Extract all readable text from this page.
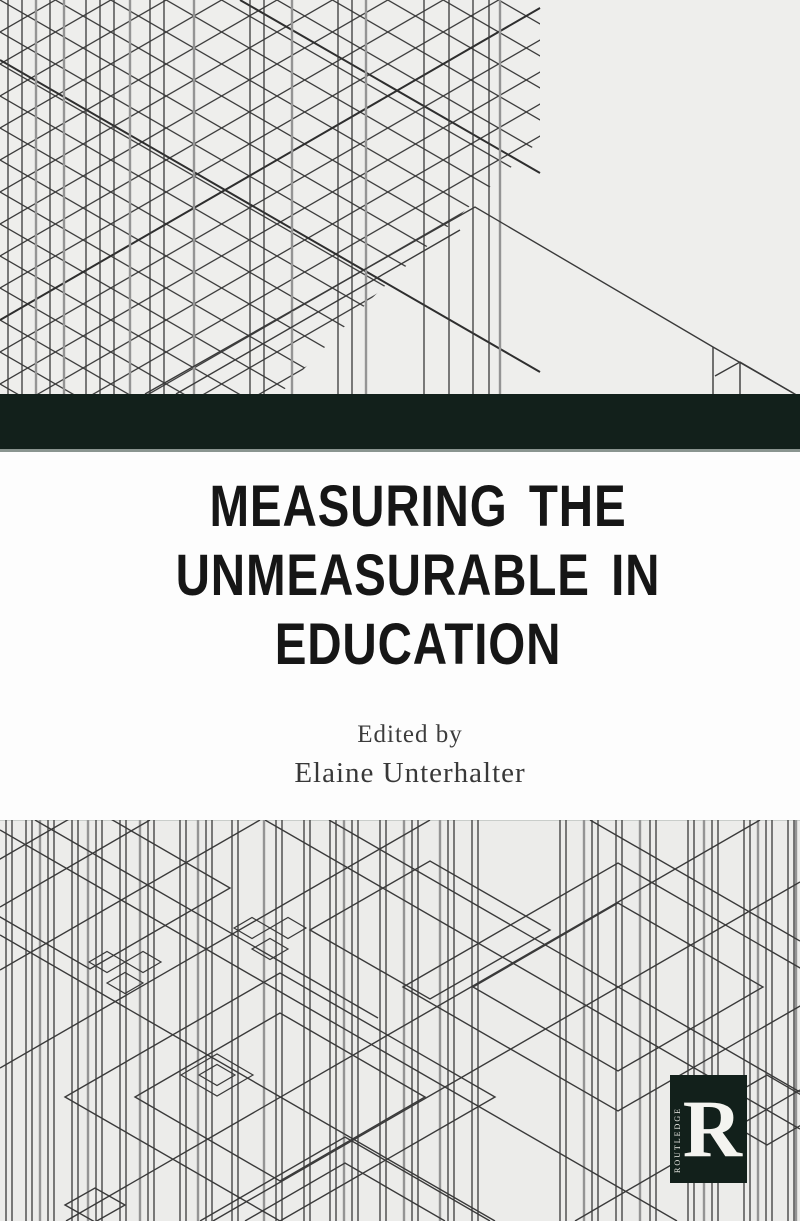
MEASURING THE
UNMEASURABLE IN
EDUCATION

Edited by

Elaine Unterhalter

ROUTLEDGE R
